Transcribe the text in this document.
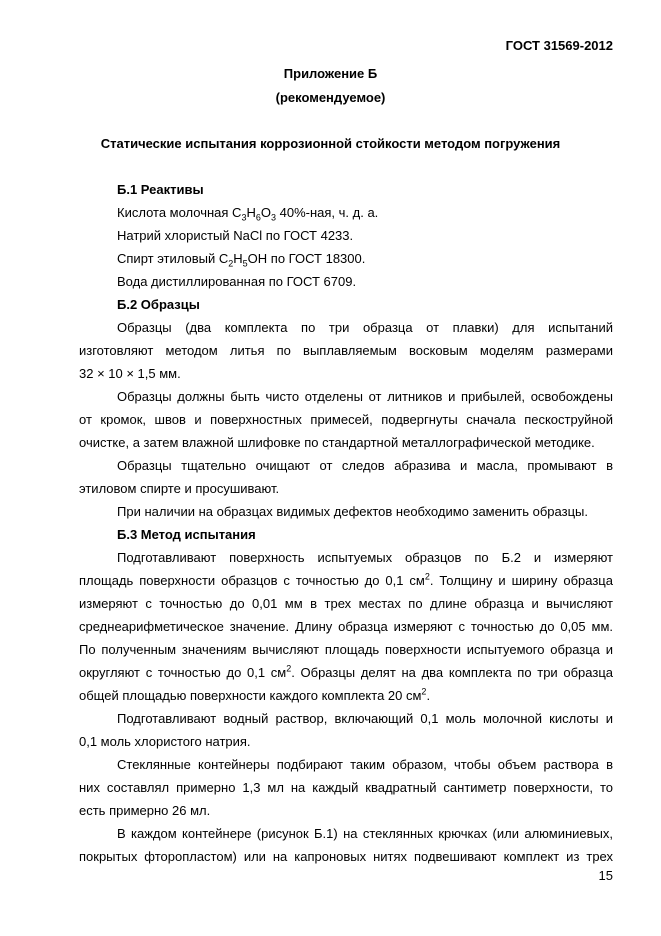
ГОСТ 31569-2012
Приложение Б
(рекомендуемое)
Статические испытания коррозионной стойкости методом погружения
Б.1 Реактивы
Кислота молочная $C_3H_6O_3$ 40%-ная, ч. д. а.
Натрий хлористый NaCl по ГОСТ 4233.
Спирт этиловый $C_2H_5OH$ по ГОСТ 18300.
Вода дистиллированная по ГОСТ 6709.
Б.2 Образцы
Образцы (два комплекта по три образца от плавки) для испытаний
изготовляют методом литья по выплавляемым восковым моделям размерами
32 × 10 × 1,5 мм.
Образцы должны быть чисто отделены от литников и прибылей, освобождены
от кромок, швов и поверхностных примесей, подвергнуты сначала пескоструйной
очистке, а затем влажной шлифовке по стандартной металлографической методике.
Образцы тщательно очищают от следов абразива и масла, промывают в
этиловом спирте и просушивают.
При наличии на образцах видимых дефектов необходимо заменить образцы.
Б.3 Метод испытания
Подготавливают поверхность испытуемых образцов по Б.2 и измеряют
площадь поверхности образцов с точностью до 0,1 $см^2$. Толщину и ширину образца
измеряют с точностью до 0,01 мм в трех местах по длине образца и вычисляют
среднеарифметическое значение. Длину образца измеряют с точностью до 0,05 мм.
По полученным значениям вычисляют площадь поверхности испытуемого образца и
округляют с точностью до 0,1 $см^2$. Образцы делят на два комплекта по три образца
общей площадью поверхности каждого комплекта 20 $см^2$.
Подготавливают водный раствор, включающий 0,1 моль молочной кислоты и
0,1 моль хлористого натрия.
Стеклянные контейнеры подбирают таким образом, чтобы объем раствора в
них составлял примерно 1,3 мл на каждый квадратный сантиметр поверхности, то
есть примерно 26 мл.
В каждом контейнере (рисунок Б.1) на стеклянных крючках (или алюминиевых,
покрытых фторопластом) или на капроновых нитях подвешивают комплект из трех
15
